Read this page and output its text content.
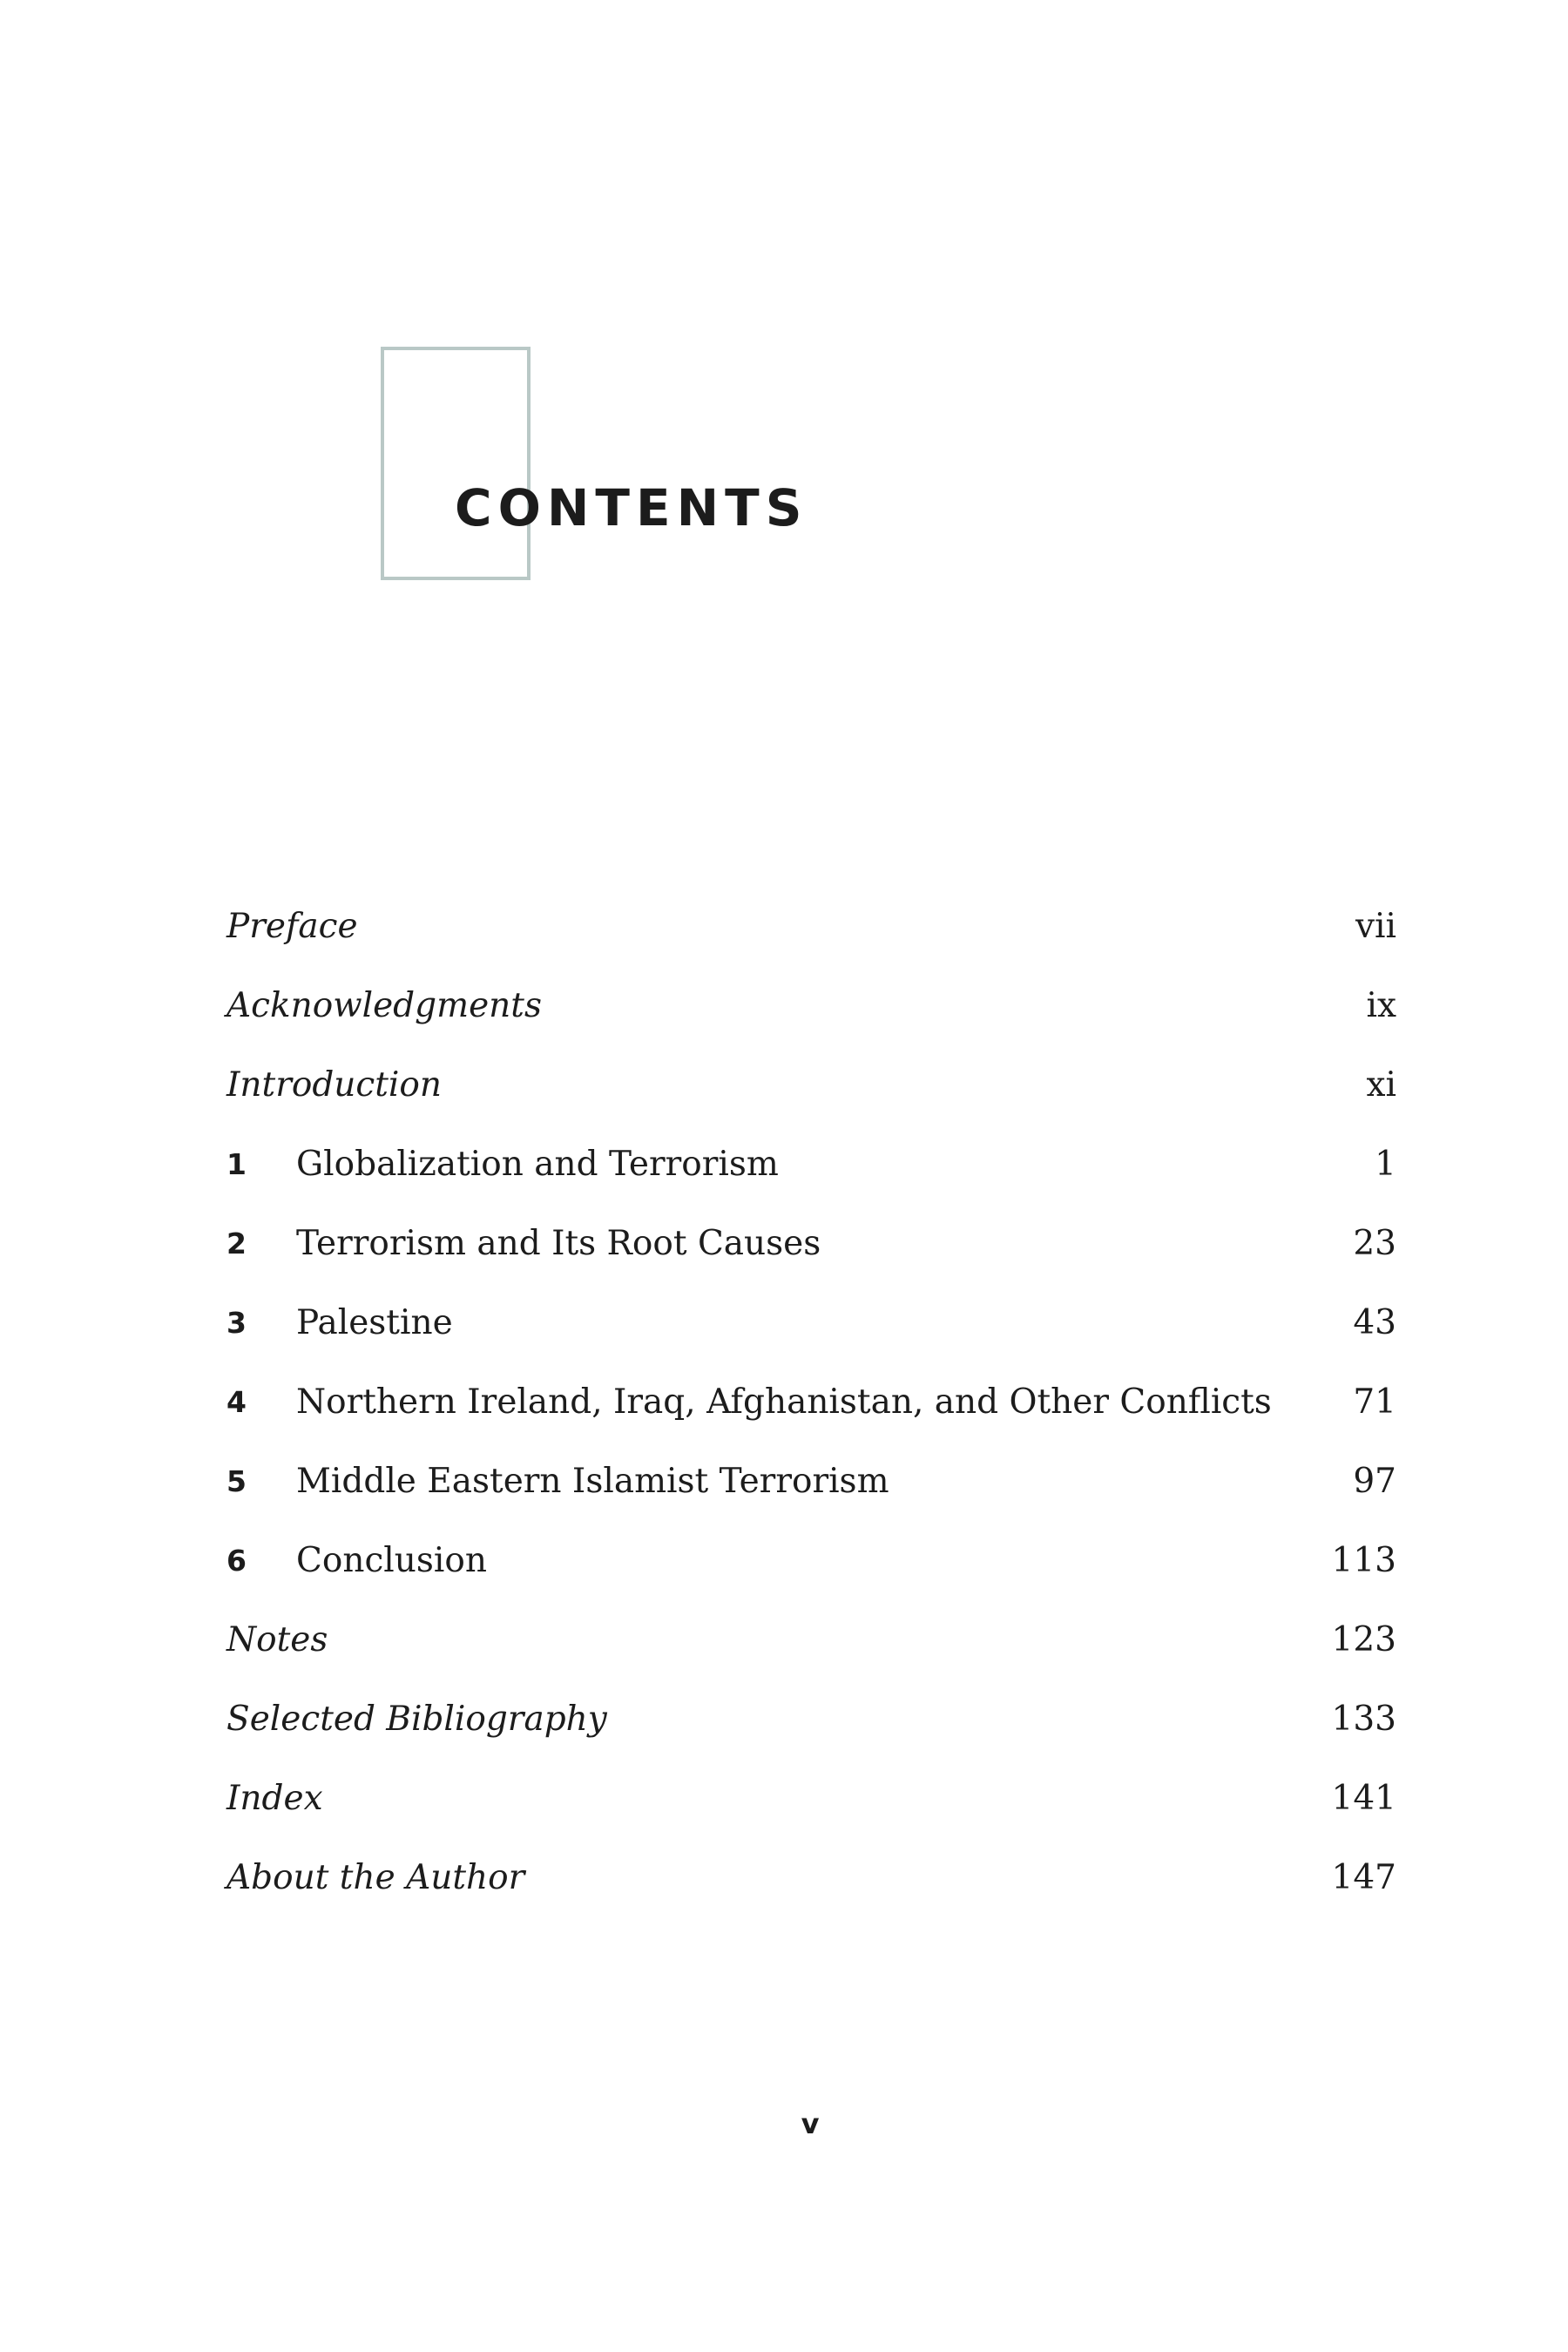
CONTENTS
Preface	vii
Acknowledgments	ix
Introduction	xi
1 Globalization and Terrorism	1
2 Terrorism and Its Root Causes	23
3 Palestine	43
4 Northern Ireland, Iraq, Afghanistan, and Other Conflicts 71
5 Middle Eastern Islamist Terrorism	97
6 Conclusion	113
Notes	123
Selected Bibliography	133
Index	141
About the Author	147
v
